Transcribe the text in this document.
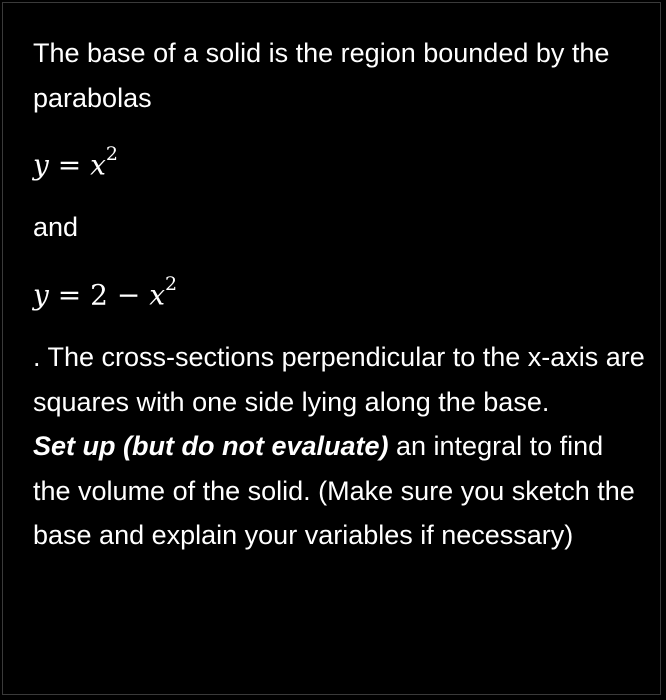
The base of a solid is the region bounded by the parabolas

$y = x^2$

and

$y = 2 - x^2$

. The cross-sections perpendicular to the x-axis are squares with one side lying along the base.
Set up (but do not evaluate) an integral to find the volume of the solid. (Make sure you sketch the base and explain your variables if necessary)
